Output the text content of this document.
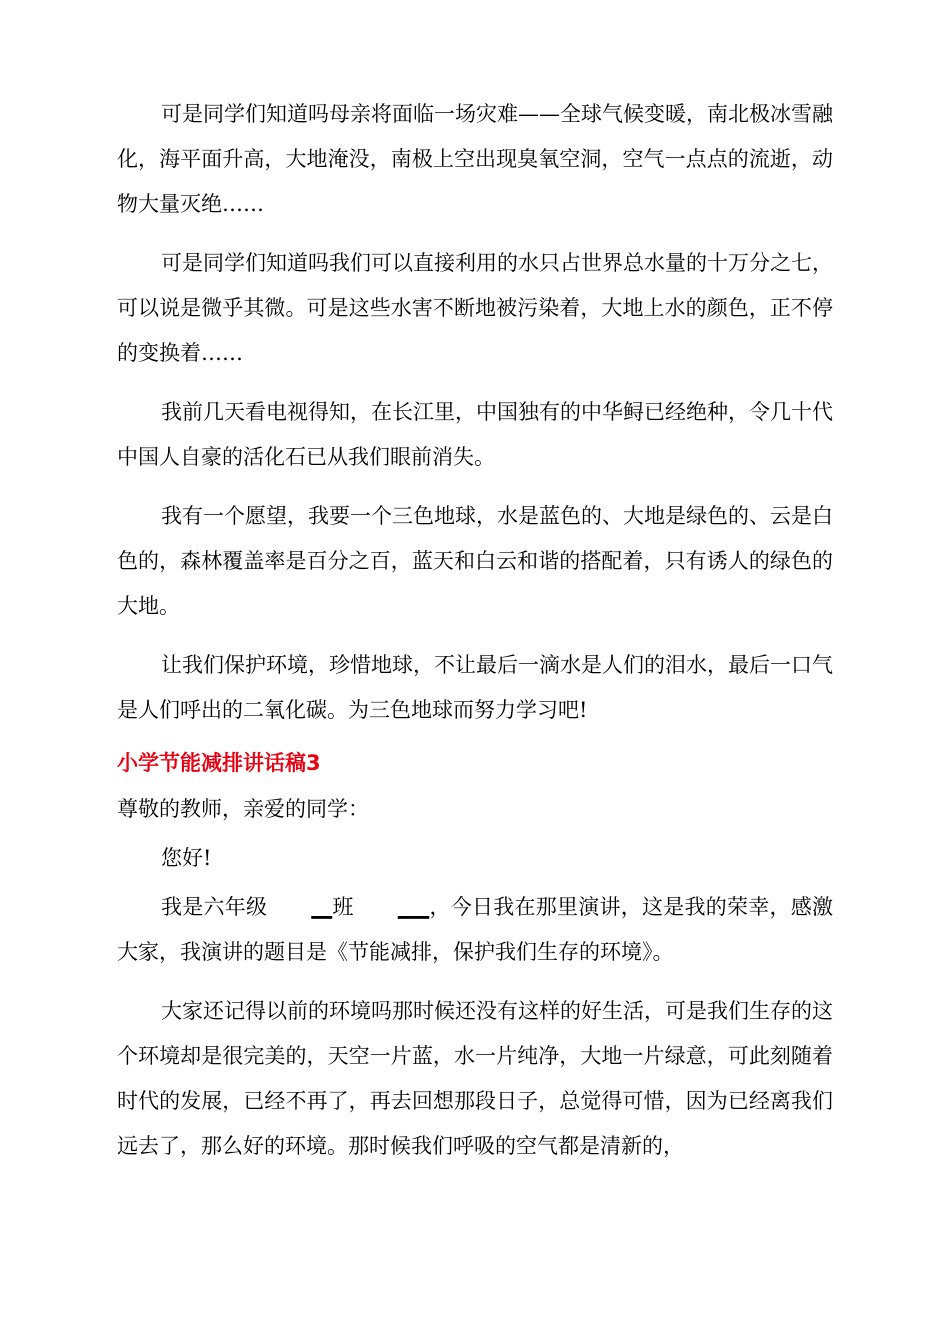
可是同学们知道吗母亲将面临一场灾难——全球气候变暖，南北极冰雪融化，海平面升高，大地淹没，南极上空出现臭氧空洞，空气一点点的流逝，动物大量灭绝……

可是同学们知道吗我们可以直接利用的水只占世界总水量的十万分之七，可以说是微乎其微。可是这些水害不断地被污染着，大地上水的颜色，正不停的变换着……

我前几天看电视得知，在长江里，中国独有的中华鲟已经绝种，令几十代中国人自豪的活化石已从我们眼前消失。

我有一个愿望，我要一个三色地球，水是蓝色的、大地是绿色的、云是白色的，森林覆盖率是百分之百，蓝天和白云和谐的搭配着，只有诱人的绿色的大地。

让我们保护环境，珍惜地球，不让最后一滴水是人们的泪水，最后一口气是人们呼出的二氧化碳。为三色地球而努力学习吧!

小学节能减排讲话稿3

尊敬的教师，亲爱的同学：

您好!

我是六年级 __班 ___，今日我在那里演讲，这是我的荣幸，感激大家，我演讲的题目是《节能减排，保护我们生存的环境》。

大家还记得以前的环境吗那时候还没有这样的好生活，可是我们生存的这个环境却是很完美的，天空一片蓝，水一片纯净，大地一片绿意，可此刻随着时代的发展，已经不再了，再去回想那段日子，总觉得可惜，因为已经离我们远去了，那么好的环境。那时候我们呼吸的空气都是清新的，
